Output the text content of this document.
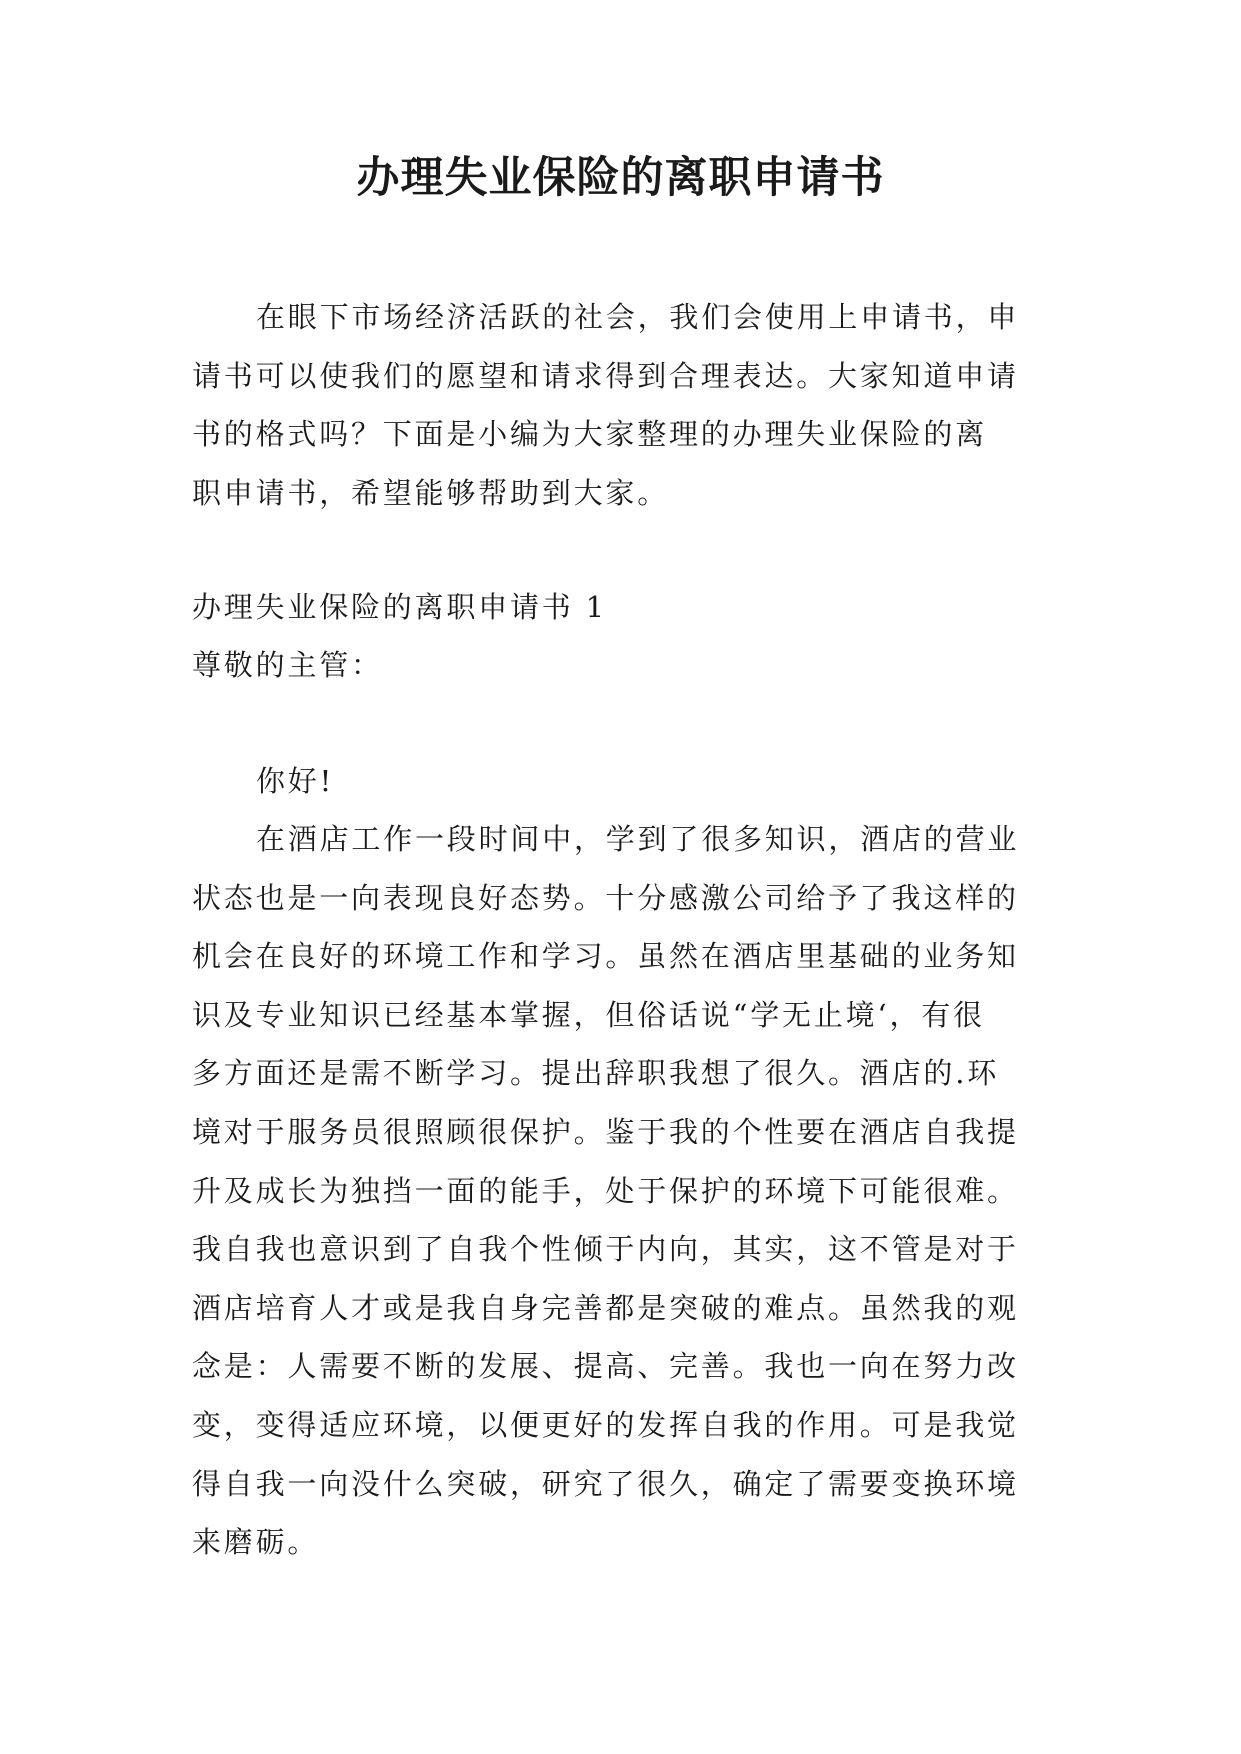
办理失业保险的离职申请书
在眼下市场经济活跃的社会，我们会使用上申请书，申
请书可以使我们的愿望和请求得到合理表达。大家知道申请
书的格式吗？下面是小编为大家整理的办理失业保险的离
职申请书，希望能够帮助到大家。
办理失业保险的离职申请书 1
尊敬的主管：
你好!
在酒店工作一段时间中，学到了很多知识，酒店的营业
状态也是一向表现良好态势。十分感激公司给予了我这样的
机会在良好的环境工作和学习。虽然在酒店里基础的业务知
识及专业知识已经基本掌握，但俗话说“学无止境‘，有很
多方面还是需不断学习。提出辞职我想了很久。酒店的.环
境对于服务员很照顾很保护。鉴于我的个性要在酒店自我提
升及成长为独挡一面的能手，处于保护的环境下可能很难。
我自我也意识到了自我个性倾于内向，其实，这不管是对于
酒店培育人才或是我自身完善都是突破的难点。虽然我的观
念是：人需要不断的发展、提高、完善。我也一向在努力改
变，变得适应环境，以便更好的发挥自我的作用。可是我觉
得自我一向没什么突破，研究了很久，确定了需要变换环境
来磨砺。
